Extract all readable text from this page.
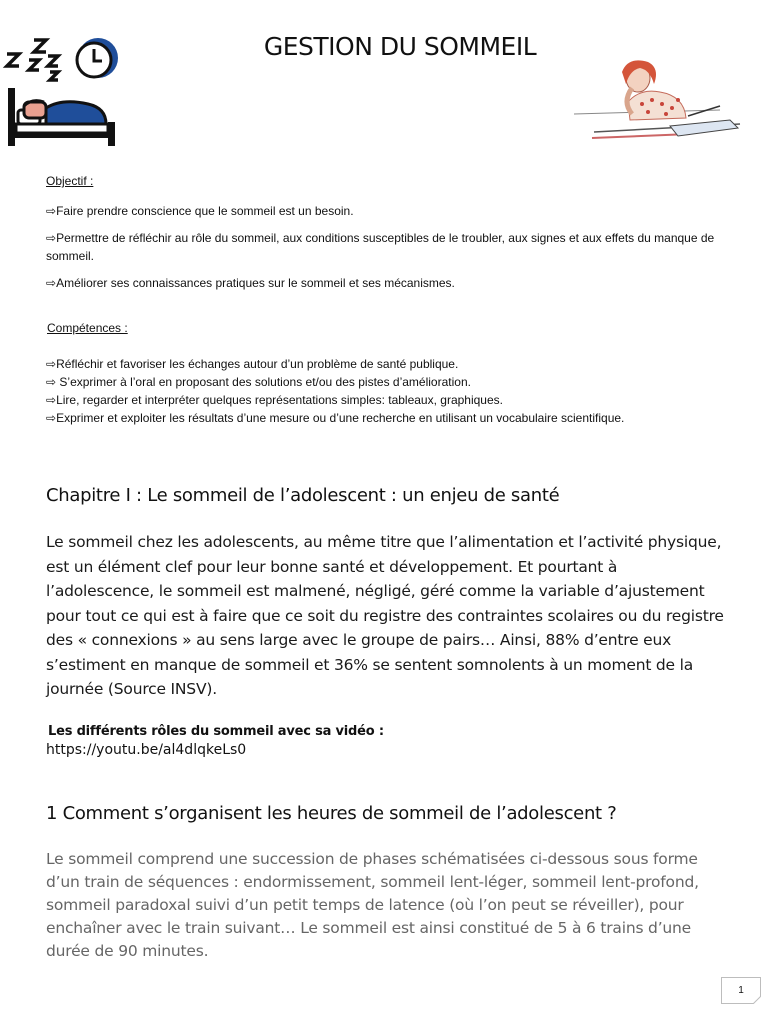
GESTION DU SOMMEIL
Objectif :
⇨Faire prendre conscience que le sommeil est un besoin.
⇨Permettre de réfléchir au rôle du sommeil, aux conditions susceptibles de le troubler, aux signes et aux effets du manque de sommeil.
⇨Améliorer ses connaissances pratiques sur le sommeil et ses mécanismes.
Compétences :
⇨Réfléchir et favoriser les échanges autour d’un problème de santé publique.
⇨ S’exprimer à l’oral en proposant des solutions et/ou des pistes d’amélioration.
⇨Lire, regarder et interpréter quelques représentations simples: tableaux, graphiques.
⇨Exprimer et exploiter les résultats d’une mesure ou d’une recherche en utilisant un vocabulaire scientifique.
Chapitre I : Le sommeil de l’adolescent : un enjeu de santé
Le sommeil chez les adolescents, au même titre que l’alimentation et l’activité physique, est un élément clef pour leur bonne santé et développement. Et pourtant à l’adolescence, le sommeil est malmené, négligé, géré comme la variable d’ajustement pour tout ce qui est à faire que ce soit du registre des contraintes scolaires ou du registre des « connexions » au sens large avec le groupe de pairs… Ainsi, 88% d’entre eux s’estiment en manque de sommeil et 36% se sentent somnolents à un moment de la journée (Source INSV).
Les différents rôles du sommeil avec sa vidéo :
https://youtu.be/al4dlqkeLs0
1 Comment s’organisent les heures de sommeil de l’adolescent ?
Le sommeil comprend une succession de phases schématisées ci-dessous sous forme d’un train de séquences : endormissement, sommeil lent-léger, sommeil lent-profond, sommeil paradoxal suivi d’un petit temps de latence (où l’on peut se réveiller), pour enchaîner avec le train suivant… Le sommeil est ainsi constitué de 5 à 6 trains d’une durée de 90 minutes.
1
